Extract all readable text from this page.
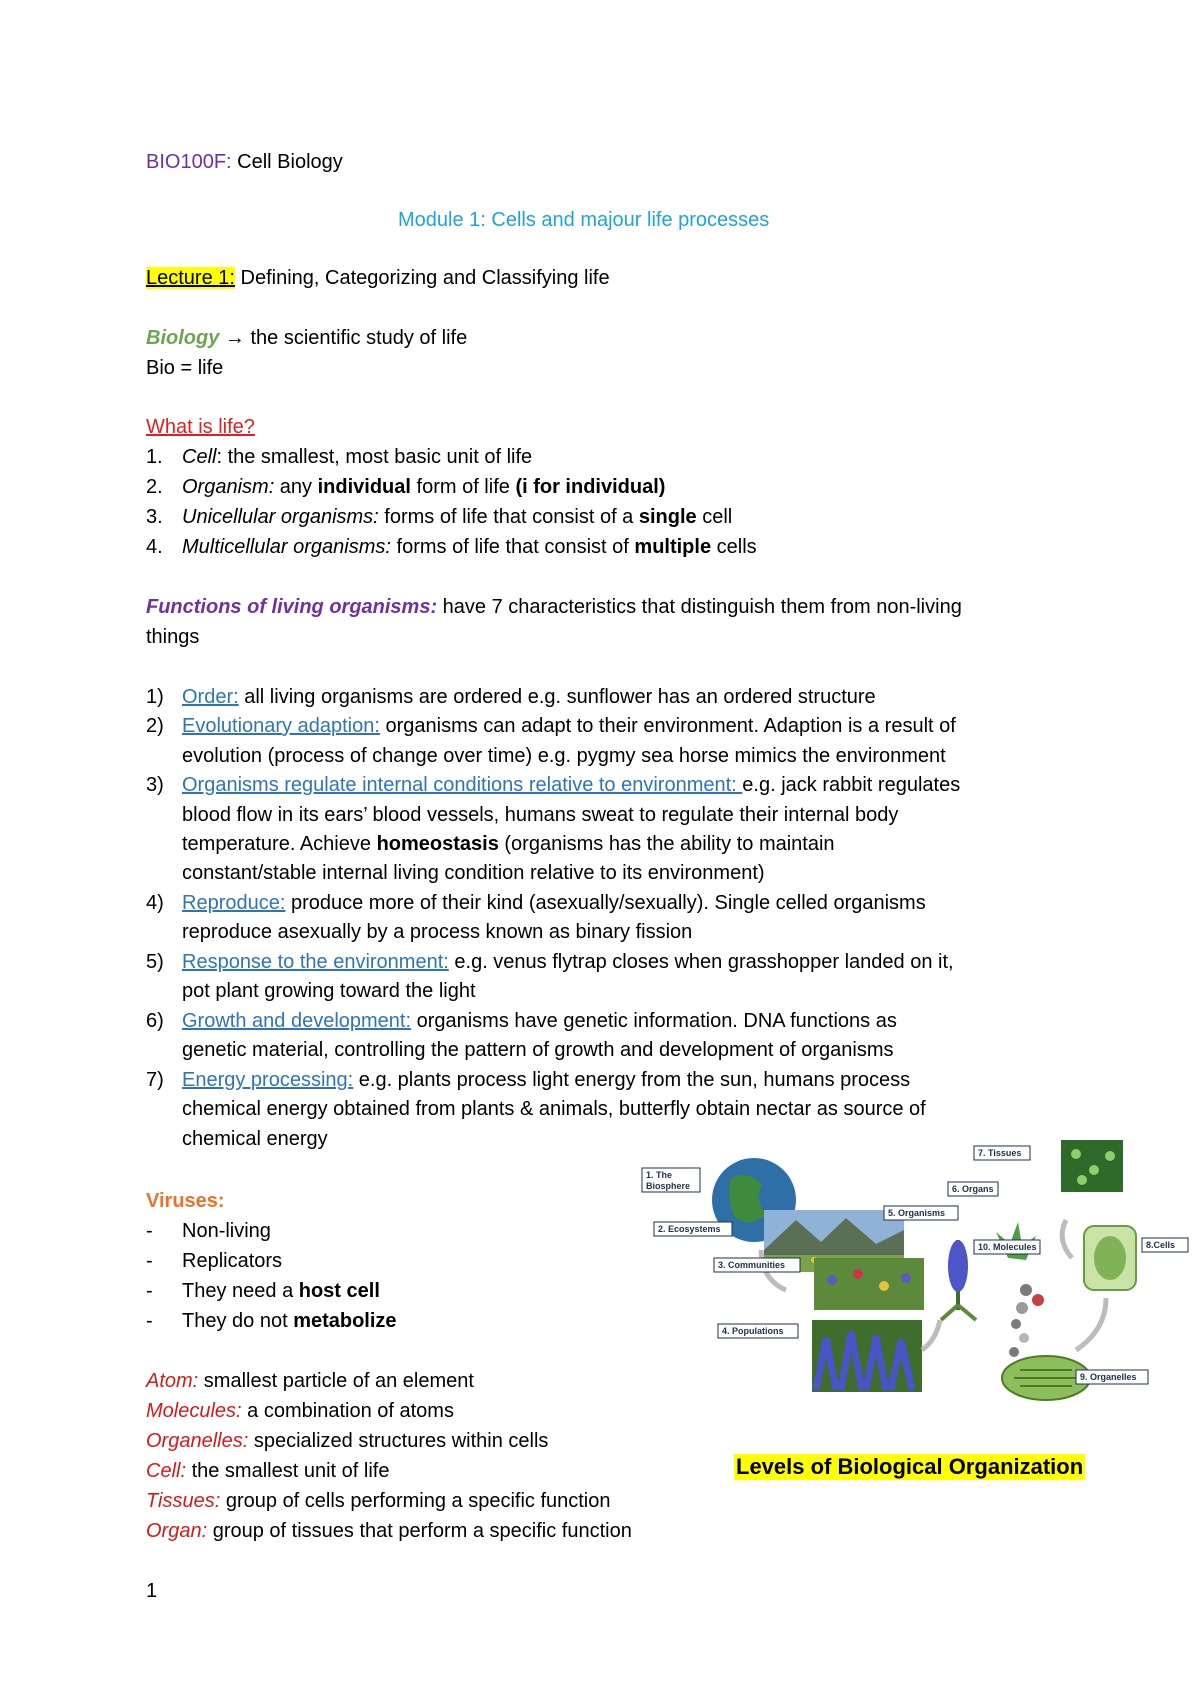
BIO100F: Cell Biology
Module 1: Cells and majour life processes
Lecture 1: Defining, Categorizing and Classifying life
Biology → the scientific study of life
Bio = life
What is life?
1. Cell: the smallest, most basic unit of life
2. Organism: any individual form of life (i for individual)
3. Unicellular organisms: forms of life that consist of a single cell
4. Multicellular organisms: forms of life that consist of multiple cells
Functions of living organisms: have 7 characteristics that distinguish them from non-living
things
1) Order: all living organisms are ordered e.g. sunflower has an ordered structure
2) Evolutionary adaption: organisms can adapt to their environment. Adaption is a result of
evolution (process of change over time) e.g. pygmy sea horse mimics the environment
3) Organisms regulate internal conditions relative to environment: e.g. jack rabbit regulates
blood flow in its ears’ blood vessels, humans sweat to regulate their internal body
temperature. Achieve homeostasis (organisms has the ability to maintain
constant/stable internal living condition relative to its environment)
4) Reproduce: produce more of their kind (asexually/sexually). Single celled organisms
reproduce asexually by a process known as binary fission
5) Response to the environment: e.g. venus flytrap closes when grasshopper landed on it,
pot plant growing toward the light
6) Growth and development: organisms have genetic information. DNA functions as
genetic material, controlling the pattern of growth and development of organisms
7) Energy processing: e.g. plants process light energy from the sun, humans process
chemical energy obtained from plants & animals, butterfly obtain nectar as source of
chemical energy
Viruses:
-	Non-living
-	Replicators
-	They need a host cell
-	They do not metabolize
Atom: smallest particle of an element
Molecules: a combination of atoms
Organelles: specialized structures within cells
Cell: the smallest unit of life
Tissues: group of cells performing a specific function
Organ: group of tissues that perform a specific function
1. The
Biosphere
2. Ecosystems
3. Communities
4. Populations
5. Organisms
6. Organs
7. Tissues
8.Cells
10. Molecules
9. Organelles
Levels of Biological Organization
1
